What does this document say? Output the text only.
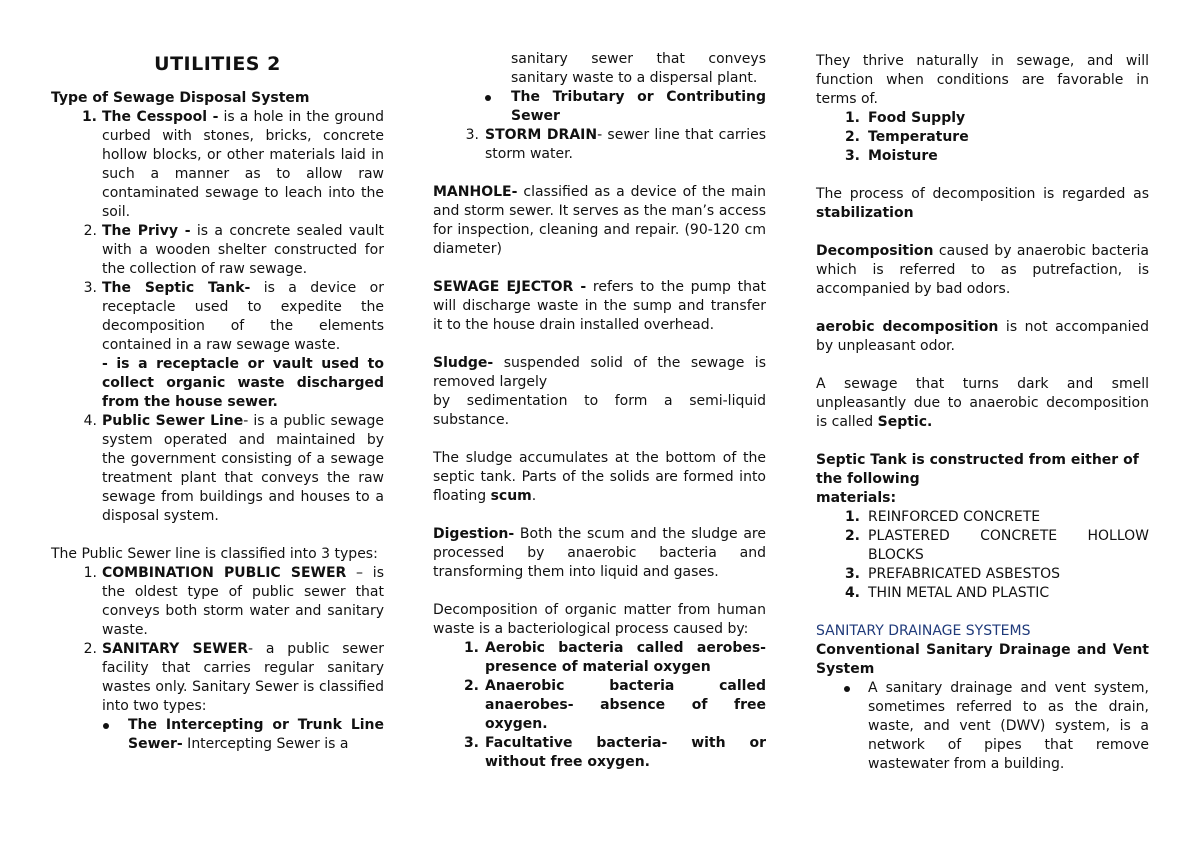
UTILITIES 2

Type of Sewage Disposal System

1. The Cesspool - is a hole in the ground curbed with stones, bricks, concrete hollow blocks, or other materials laid in such a manner as to allow raw contaminated sewage to leach into the soil.
2. The Privy - is a concrete sealed vault with a wooden shelter constructed for the collection of raw sewage.
3. The Septic Tank- is a device or receptacle used to expedite the decomposition of the elements contained in a raw sewage waste.
- is a receptacle or vault used to collect organic waste discharged from the house sewer.
4. Public Sewer Line- is a public sewage system operated and maintained by the government consisting of a sewage treatment plant that conveys the raw sewage from buildings and houses to a disposal system.

The Public Sewer line is classified into 3 types:

1. COMBINATION PUBLIC SEWER – is the oldest type of public sewer that conveys both storm water and sanitary waste.
2. SANITARY SEWER- a public sewer facility that carries regular sanitary wastes only. Sanitary Sewer is classified into two types:
The Intercepting or Trunk Line Sewer- Intercepting Sewer is a

sanitary sewer that conveys sanitary waste to a dispersal plant.

The Tributary or Contributing Sewer
3. STORM DRAIN- sewer line that carries storm water.

MANHOLE- classified as a device of the main and storm sewer. It serves as the man’s access for inspection, cleaning and repair. (90-120 cm diameter)

SEWAGE EJECTOR - refers to the pump that will discharge waste in the sump and transfer it to the house drain installed overhead.

Sludge- suspended solid of the sewage is removed largely

by sedimentation to form a semi-liquid substance.

The sludge accumulates at the bottom of the septic tank. Parts of the solids are formed into floating scum.

Digestion- Both the scum and the sludge are processed by anaerobic bacteria and transforming them into liquid and gases.

Decomposition of organic matter from human waste is a bacteriological process caused by:

1. Aerobic bacteria called aerobes- presence of material oxygen
2. Anaerobic bacteria called anaerobes- absence of free oxygen.
3. Facultative bacteria- with or without free oxygen.

They thrive naturally in sewage, and will function when conditions are favorable in terms of.

1. Food Supply
2. Temperature
3. Moisture

The process of decomposition is regarded as stabilization

Decomposition caused by anaerobic bacteria which is referred to as putrefaction, is accompanied by bad odors.

aerobic decomposition is not accompanied by unpleasant odor.

A sewage that turns dark and smell unpleasantly due to anaerobic decomposition is called Septic.

Septic Tank is constructed from either of the following

materials:

1. REINFORCED CONCRETE
2. PLASTERED CONCRETE HOLLOW BLOCKS
3. PREFABRICATED ASBESTOS
4. THIN METAL AND PLASTIC

SANITARY DRAINAGE SYSTEMS

Conventional Sanitary Drainage and Vent System

A sanitary drainage and vent system, sometimes referred to as the drain, waste, and vent (DWV) system, is a network of pipes that remove wastewater from a building.
